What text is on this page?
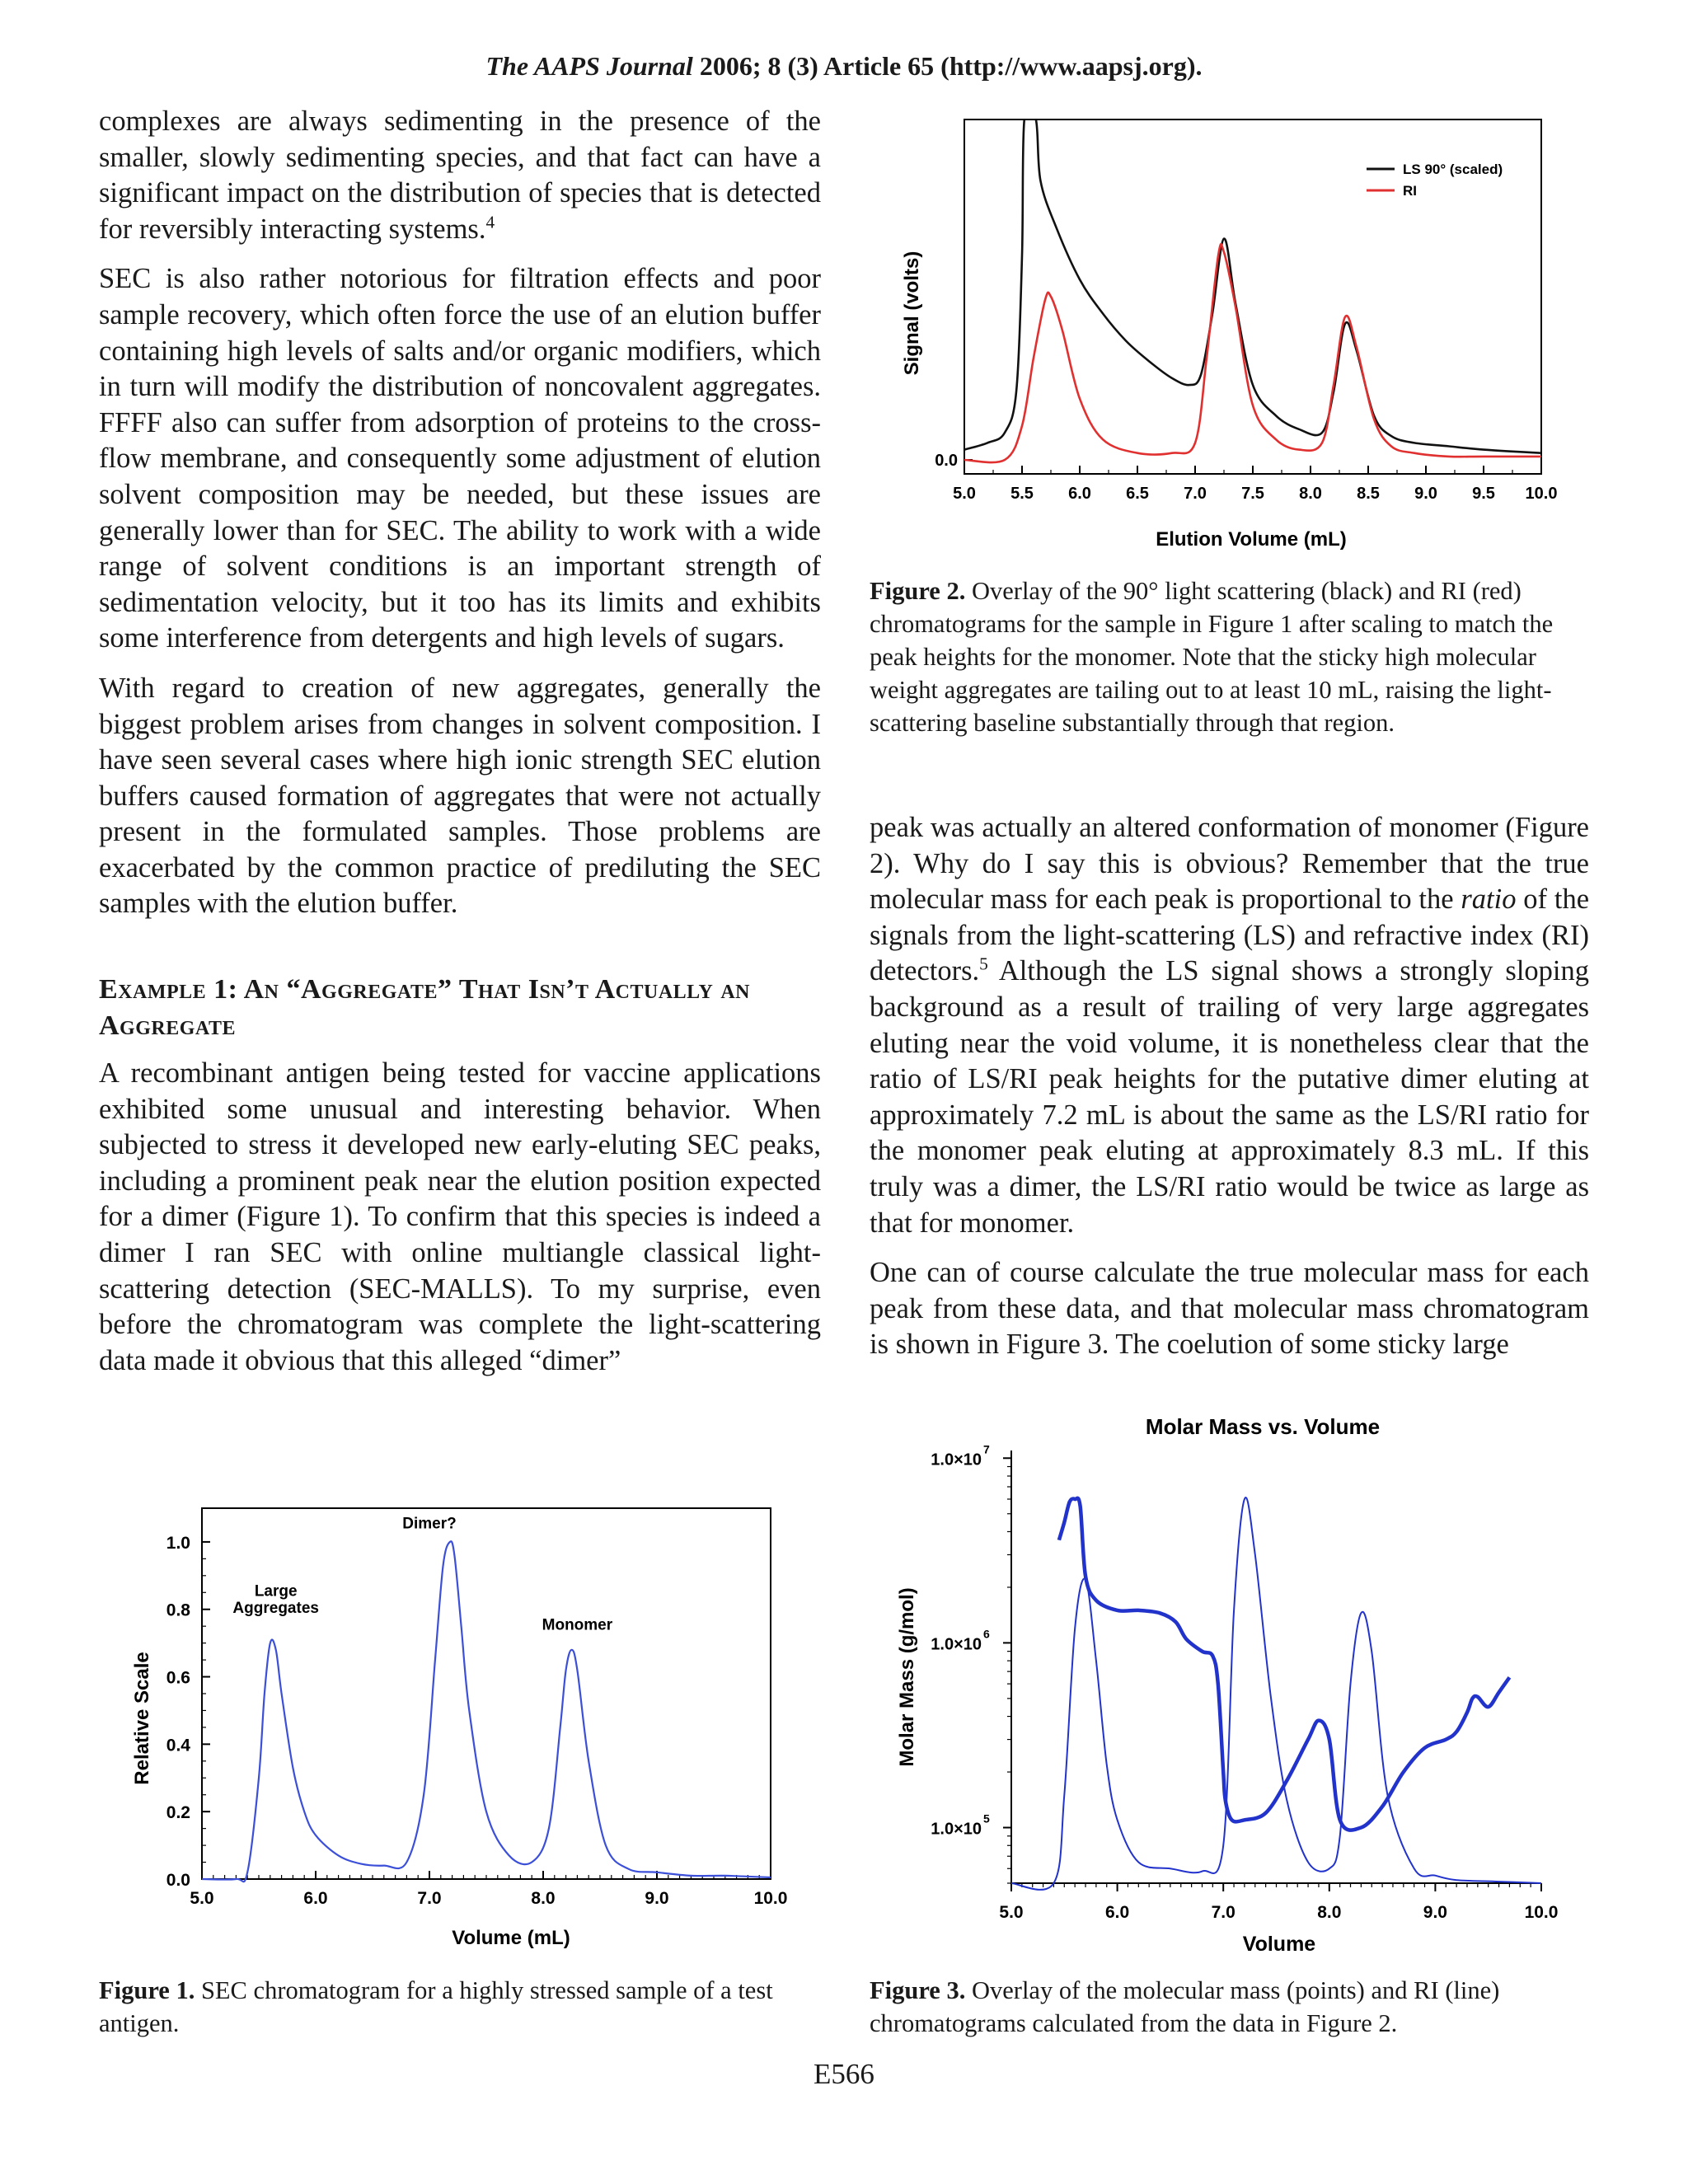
The AAPS Journal 2006; 8 (3) Article 65 (http://www.aapsj.org).

complexes are always sedimenting in the presence of the smaller, slowly sedimenting species, and that fact can have a significant impact on the distribution of species that is detected for reversibly interacting systems.$^4$

SEC is also rather notorious for filtration effects and poor sample recovery, which often force the use of an elution buffer containing high levels of salts and/or organic modifiers, which in turn will modify the distribution of noncovalent aggregates. FFFF also can suffer from adsorption of proteins to the cross-flow membrane, and consequently some adjustment of elution solvent composition may be needed, but these issues are generally lower than for SEC. The ability to work with a wide range of solvent conditions is an important strength of sedimentation velocity, but it too has its limits and exhibits some interference from detergents and high levels of sugars.

With regard to creation of new aggregates, generally the biggest problem arises from changes in solvent composition. I have seen several cases where high ionic strength SEC elution buffers caused formation of aggregates that were not actually present in the formulated samples. Those problems are exacerbated by the common practice of prediluting the SEC samples with the elution buffer.

Example 1: An “Aggregate” That Isn’t Actually an Aggregate

A recombinant antigen being tested for vaccine applications exhibited some unusual and interesting behavior. When subjected to stress it developed new early-eluting SEC peaks, including a prominent peak near the elution position expected for a dimer (Figure 1). To confirm that this species is indeed a dimer I ran SEC with online multiangle classical light-scattering detection (SEC-MALLS). To my surprise, even before the chromatogram was complete the light-scattering data made it obvious that this alleged “dimer”

peak was actually an altered conformation of monomer (Figure 2). Why do I say this is obvious? Remember that the true molecular mass for each peak is proportional to the ratio of the signals from the light-scattering (LS) and refractive index (RI) detectors.$^5$ Although the LS signal shows a strongly sloping background as a result of trailing of very large aggregates eluting near the void volume, it is nonetheless clear that the ratio of LS/RI peak heights for the putative dimer eluting at approximately 7.2 mL is about the same as the LS/RI ratio for the monomer peak eluting at approximately 8.3 mL. If this truly was a dimer, the LS/RI ratio would be twice as large as that for monomer.

One can of course calculate the true molecular mass for each peak from these data, and that molecular mass chromatogram is shown in Figure 3. The coelution of some sticky large

5.0	6.0	7.0	8.0	9.0	10.0
0.0
0.2
0.4
0.6
0.8
1.0
Large
Aggregates
Dimer?
Monomer
Volume (mL)
Relative Scale
5.0 5.5 6.0 6.5 7.0 7.5 8.0 8.5 9.0 9.5 10.0
0.0
LS 90° (scaled)
RI
Elution Volume (mL)
Signal (volts)
Molar Mass vs. Volume
5.0	6.0	7.0	8.0	9.0	10.0
1.0×10
5
1.0×10
6
1.0×10
7
Volume
Molar Mass (g/mol)
Figure 1. SEC chromatogram for a highly stressed sample of a test antigen.
Figure 2. Overlay of the 90° light scattering (black) and RI (red) chromatograms for the sample in Figure 1 after scaling to match the peak heights for the monomer. Note that the sticky high molecular weight aggregates are tailing out to at least 10 mL, raising the light-scattering baseline substantially through that region.
Figure 3. Overlay of the molecular mass (points) and RI (line) chromatograms calculated from the data in Figure 2.
E566
